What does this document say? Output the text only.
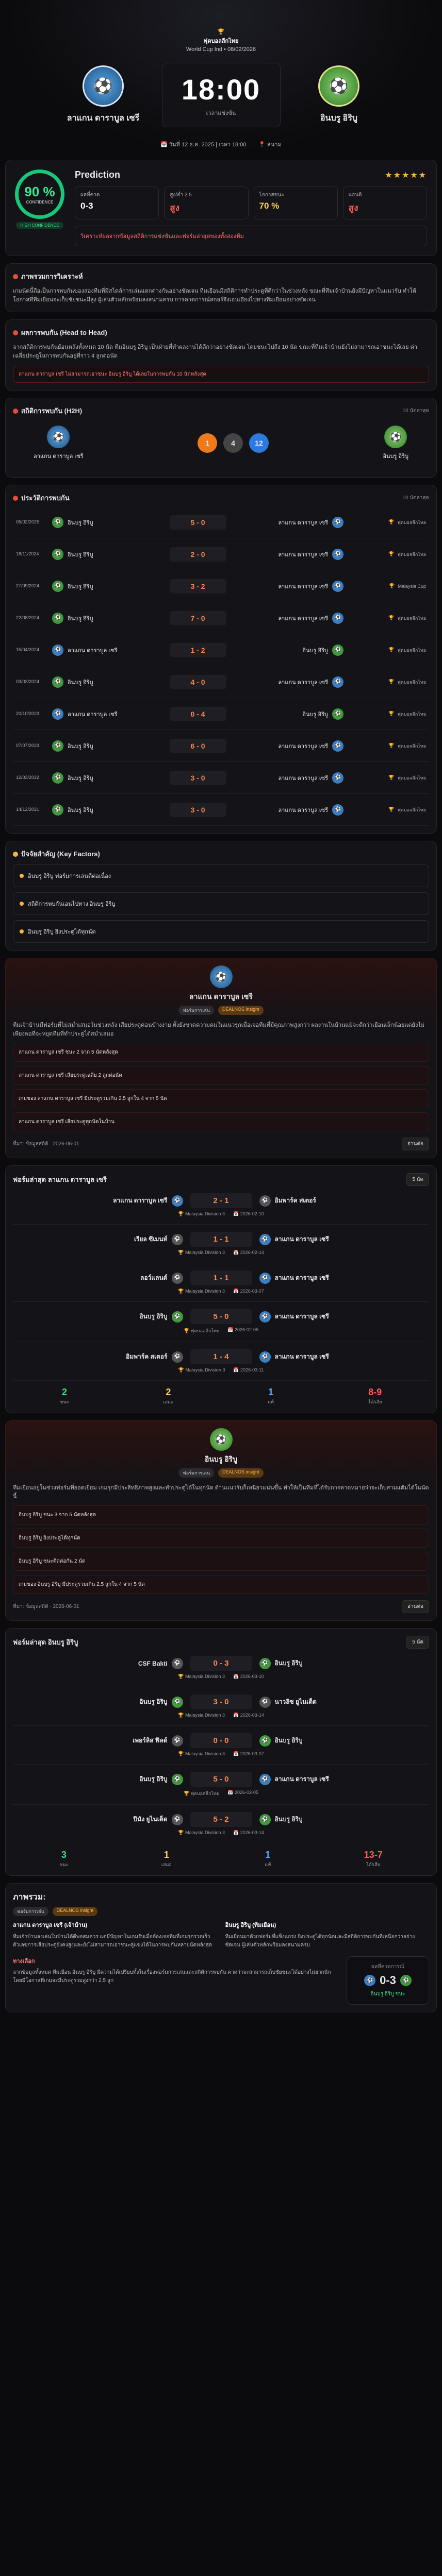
🏆
ฟุตบอลลีกไทย
World Cup Ind • 08/02/2026
⚽
ลาแกน ดาราบูล เซรี
18:00
เวลาแข่งขัน
⚽
อินบรู อิริบู
📅 วันที่ 12 ธ.ค. 2025 | เวลา 18:00 📍 สนาม
90 %
CONFIDENCE
HIGH CONFIDENCE
Prediction	★★★★★
ผลที่คาด
0-3
สูง/ต่ำ 2.5
สูง
โอกาสชนะ
70 %
แฮนดิ
สูง
วิเคราะห์ผลจากข้อมูลสถิติการแข่งขันและฟอร์มล่าสุดของทั้งสองทีม
ภาพรวมการวิเคราะห์

เกมนัดนี้ถือเป็นการพบกันของสองทีมที่มีสไตล์การเล่นแตกต่างกันอย่างชัดเจน ทีมเยือนมีสถิติการทำประตูที่ดีกว่าในช่วงหลัง ขณะที่ทีมเจ้าบ้านยังมีปัญหาในแนวรับ ทำให้โอกาสที่ทีมเยือนจะเก็บชัยชนะมีสูง ผู้เล่นตัวหลักพร้อมลงสนามครบ การคาดการณ์สกอร์จึงเอนเอียงไปทางทีมเยือนอย่างชัดเจน

ผลการพบกัน (Head to Head)

จากสถิติการพบกันย้อนหลังทั้งหมด 10 นัด ทีมอินบรู อิริบู เป็นฝ่ายที่ทำผลงานได้ดีกว่าอย่างชัดเจน โดยชนะไปถึง 10 นัด ขณะที่ทีมเจ้าบ้านยังไม่สามารถเอาชนะได้เลย ค่าเฉลี่ยประตูในการพบกันอยู่ที่ราว 4 ลูกต่อนัด

ลาแกน ดาราบูล เซรี ไม่สามารถเอาชนะ อินบรู อิริบู ได้เลยในการพบกัน 10 นัดหลังสุด
สถิติการพบกัน (H2H)	10 นัดล่าสุด
⚽
ลาแกน ดาราบูล เซรี
1	4	12
⚽
อินบรู อิริบู
ประวัติการพบกัน	10 นัดล่าสุด
05/02/2025	⚽	อินบรู อิริบู	5 - 0	ลาแกน ดาราบูล เซรี	⚽	🏆 ฟุตบอลลีกไทย
18/11/2024	⚽	อินบรู อิริบู	2 - 0	ลาแกน ดาราบูล เซรี	⚽	🏆 ฟุตบอลลีกไทย
27/09/2024	⚽	อินบรู อิริบู	3 - 2	ลาแกน ดาราบูล เซรี	⚽	🏆 Malaysia Cup
22/08/2024	⚽	อินบรู อิริบู	7 - 0	ลาแกน ดาราบูล เซรี	⚽	🏆 ฟุตบอลลีกไทย
15/04/2024	⚽	ลาแกน ดาราบูล เซรี	1 - 2	อินบรู อิริบู	⚽	🏆 ฟุตบอลลีกไทย
03/03/2024	⚽	อินบรู อิริบู	4 - 0	ลาแกน ดาราบูล เซรี	⚽	🏆 ฟุตบอลลีกไทย
20/10/2023	⚽	ลาแกน ดาราบูล เซรี	0 - 4	อินบรู อิริบู	⚽	🏆 ฟุตบอลลีกไทย
07/07/2023	⚽	อินบรู อิริบู	6 - 0	ลาแกน ดาราบูล เซรี	⚽	🏆 ฟุตบอลลีกไทย
12/03/2022	⚽	อินบรู อิริบู	3 - 0	ลาแกน ดาราบูล เซรี	⚽	🏆 ฟุตบอลลีกไทย
14/12/2021	⚽	อินบรู อิริบู	3 - 0	ลาแกน ดาราบูล เซรี	⚽	🏆 ฟุตบอลลีกไทย
ปัจจัยสำคัญ (Key Factors)
อินบรู อิริบู ฟอร์มการเล่นดีต่อเนื่อง
สถิติการพบกันเอนไปทาง อินบรู อิริบู
อินบรู อิริบู ยิงประตูได้ทุกนัด
⚽
ลาแกน ดาราบูล เซรี
ฟอร์มการเล่น	DEALNOS insight

ทีมเจ้าบ้านมีฟอร์มที่ไม่สม่ำเสมอในช่วงหลัง เสียประตูค่อนข้างง่าย ทั้งยังขาดความคมในแนวรุกเมื่อเจอทีมที่มีคุณภาพสูงกว่า ผลงานในบ้านแม้จะดีกว่าเยือนเล็กน้อยแต่ยังไม่เพียงพอที่จะหยุดทีมที่ทำประตูได้สม่ำเสมอ

ลาแกน ดาราบูล เซรี ชนะ 2 จาก 5 นัดหลังสุด
ลาแกน ดาราบูล เซรี เสียประตูเฉลี่ย 2 ลูกต่อนัด
เกมของ ลาแกน ดาราบูล เซรี มีประตูรวมเกิน 2.5 ลูกใน 4 จาก 5 นัด
ลาแกน ดาราบูล เซรี เสียประตูทุกนัดในบ้าน
ที่มา: ข้อมูลสถิติ · 2026-06-01	อ่านต่อ
ฟอร์มล่าสุด ลาแกน ดาราบูล เซรี	5 นัด
ลาแกน ดาราบูล เซรี	⚽	2 - 1	⚽	อิมพาร์ค สเตอร์
🏆 Malaysia Division 3 📅 2026-02-10
เรียล ซีเมนท์	⚽	1 - 1	⚽	ลาแกน ดาราบูล เซรี
🏆 Malaysia Division 3 📅 2026-02-14
ลอว์แลนด์	⚽	1 - 1	⚽	ลาแกน ดาราบูล เซรี
🏆 Malaysia Division 3 📅 2026-03-07
อินบรู อิริบู	⚽	5 - 0	⚽	ลาแกน ดาราบูล เซรี
🏆 ฟุตบอลลีกไทย 📅 2026-02-05
อิมพาร์ค สเตอร์	⚽	1 - 4	⚽	ลาแกน ดาราบูล เซรี
🏆 Malaysia Division 3 📅 2026-03-11
2
ชนะ
2
เสมอ
1
แพ้
8-9
ได้/เสีย
⚽
อินบรู อิริบู
ฟอร์มการเล่น	DEALNOS insight

ทีมเยือนอยู่ในช่วงฟอร์มที่ยอดเยี่ยม เกมรุกมีประสิทธิภาพสูงและทำประตูได้ในทุกนัด ด้านแนวรับก็เหนียวแน่นขึ้น ทำให้เป็นทีมที่ได้รับการคาดหมายว่าจะเก็บสามแต้มได้ในนัดนี้

อินบรู อิริบู ชนะ 3 จาก 5 นัดหลังสุด
อินบรู อิริบู ยิงประตูได้ทุกนัด
อินบรู อิริบู ชนะติดต่อกัน 2 นัด
เกมของ อินบรู อิริบู มีประตูรวมเกิน 2.5 ลูกใน 4 จาก 5 นัด
ที่มา: ข้อมูลสถิติ · 2026-06-01	อ่านต่อ
ฟอร์มล่าสุด อินบรู อิริบู	5 นัด
CSF Bakti	⚽	0 - 3	⚽	อินบรู อิริบู
🏆 Malaysia Division 3 📅 2026-03-10
อินบรู อิริบู	⚽	3 - 0	⚽	นาวลิซ ยูไนเต็ด
🏆 Malaysia Division 3 📅 2026-03-14
เพอร์ลิส ฟีลด์	⚽	0 - 0	⚽	อินบรู อิริบู
🏆 Malaysia Division 3 📅 2026-03-07
อินบรู อิริบู	⚽	5 - 0	⚽	ลาแกน ดาราบูล เซรี
🏆 ฟุตบอลลีกไทย 📅 2026-02-05
ปีนัง ยูไนเต็ด	⚽	5 - 2	⚽	อินบรู อิริบู
🏆 Malaysia Division 3 📅 2026-03-14
3
ชนะ
1
เสมอ
1
แพ้
13-7
ได้/เสีย
ภาพรวม:
ฟอร์มการเล่น	DEALNOS insight
ลาแกน ดาราบูล เซรี (เจ้าบ้าน)

ทีมเจ้าบ้านลงเล่นในบ้านได้ดีพอสมควร แต่มีปัญหาในเกมรับเมื่อต้องเจอทีมที่เกมรุกรวดเร็ว ตัวเลขการเสียประตูยังคงสูงและยังไม่สามารถเอาชนะคู่แข่งได้ในการพบกันหลายนัดหลังสุด

อินบรู อิริบู (ทีมเยือน)

ทีมเยือนมาด้วยฟอร์มที่แข็งแกร่ง ยิงประตูได้ทุกนัดและมีสถิติการพบกันที่เหนือกว่าอย่างชัดเจน ผู้เล่นตัวหลักพร้อมลงสนามครบ

ทางเลือก

จากข้อมูลทั้งหมด ทีมเยือน อินบรู อิริบู มีความได้เปรียบทั้งในเรื่องฟอร์มการเล่นและสถิติการพบกัน คาดว่าจะสามารถเก็บชัยชนะได้อย่างไม่ยากนัก โดยมีโอกาสที่เกมจะมีประตูรวมสูงกว่า 2.5 ลูก

ผลที่คาดการณ์
⚽ 0-3	⚽
อินบรู อิริบู ชนะ
